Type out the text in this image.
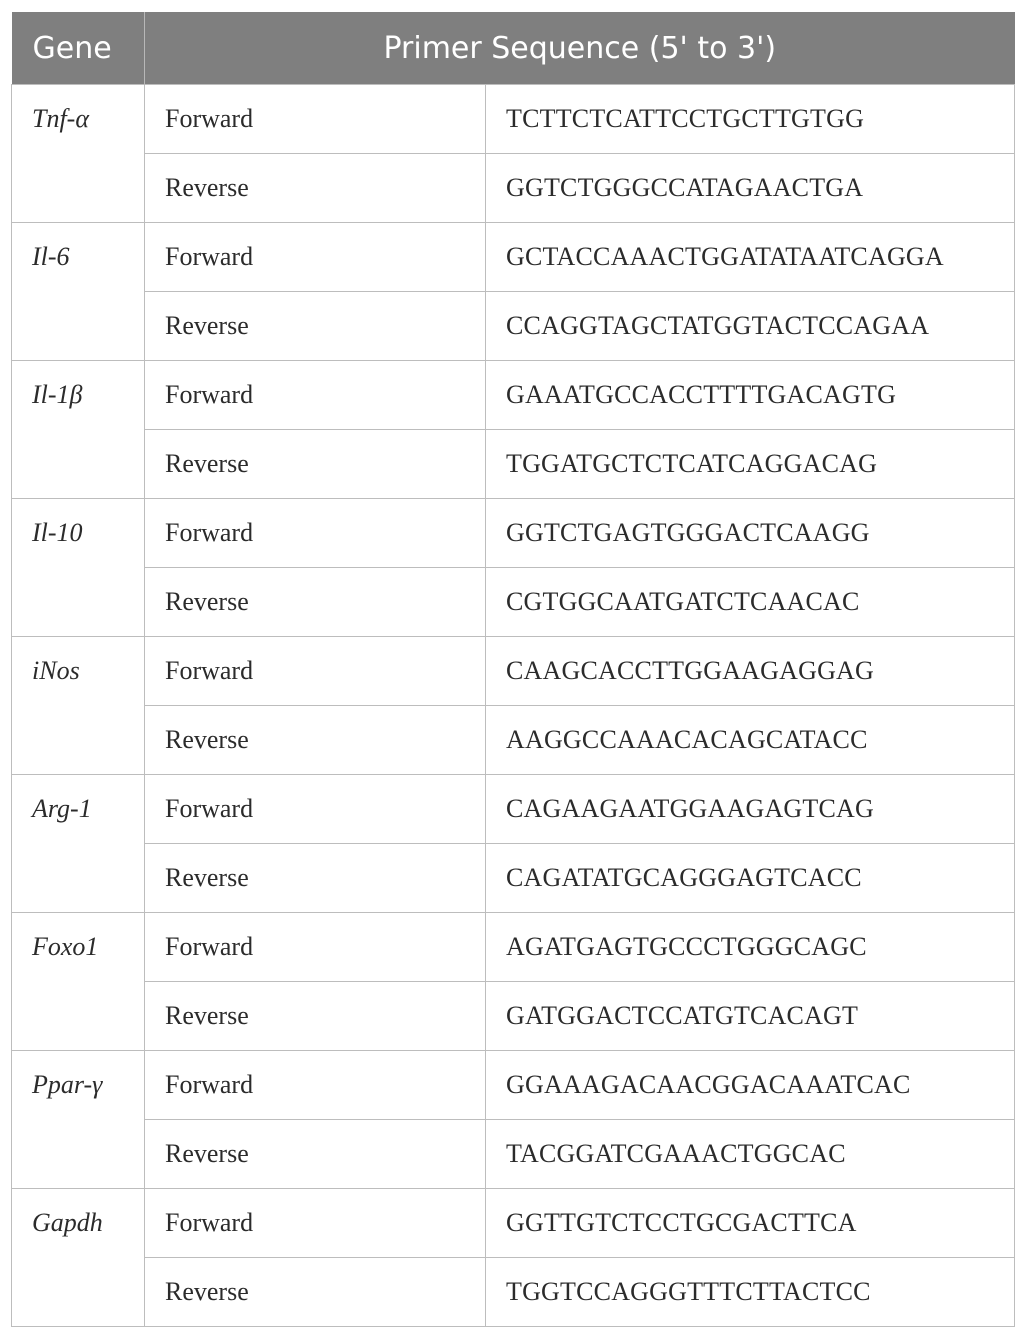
Gene	Primer Sequence (5' to 3')	
Tnf-α	Forward	TCTTCTCATTCCTGCTTGTGG
	Reverse	GGTCTGGGCCATAGAACTGA
Il-6	Forward	GCTACCAAACTGGATATAATCAGGA
	Reverse	CCAGGTAGCTATGGTACTCCAGAA
Il-1β	Forward	GAAATGCCACCTTTTGACAGTG
	Reverse	TGGATGCTCTCATCAGGACAG
Il-10	Forward	GGTCTGAGTGGGACTCAAGG
	Reverse	CGTGGCAATGATCTCAACAC
iNos	Forward	CAAGCACCTTGGAAGAGGAG
	Reverse	AAGGCCAAACACAGCATACC
Arg-1	Forward	CAGAAGAATGGAAGAGTCAG
	Reverse	CAGATATGCAGGGAGTCACC
Foxo1	Forward	AGATGAGTGCCCTGGGCAGC
	Reverse	GATGGACTCCATGTCACAGT
Ppar-γ	Forward	GGAAAGACAACGGACAAATCAC
	Reverse	TACGGATCGAAACTGGCAC
Gapdh	Forward	GGTTGTCTCCTGCGACTTCA
	Reverse	TGGTCCAGGGTTTCTTACTCC
